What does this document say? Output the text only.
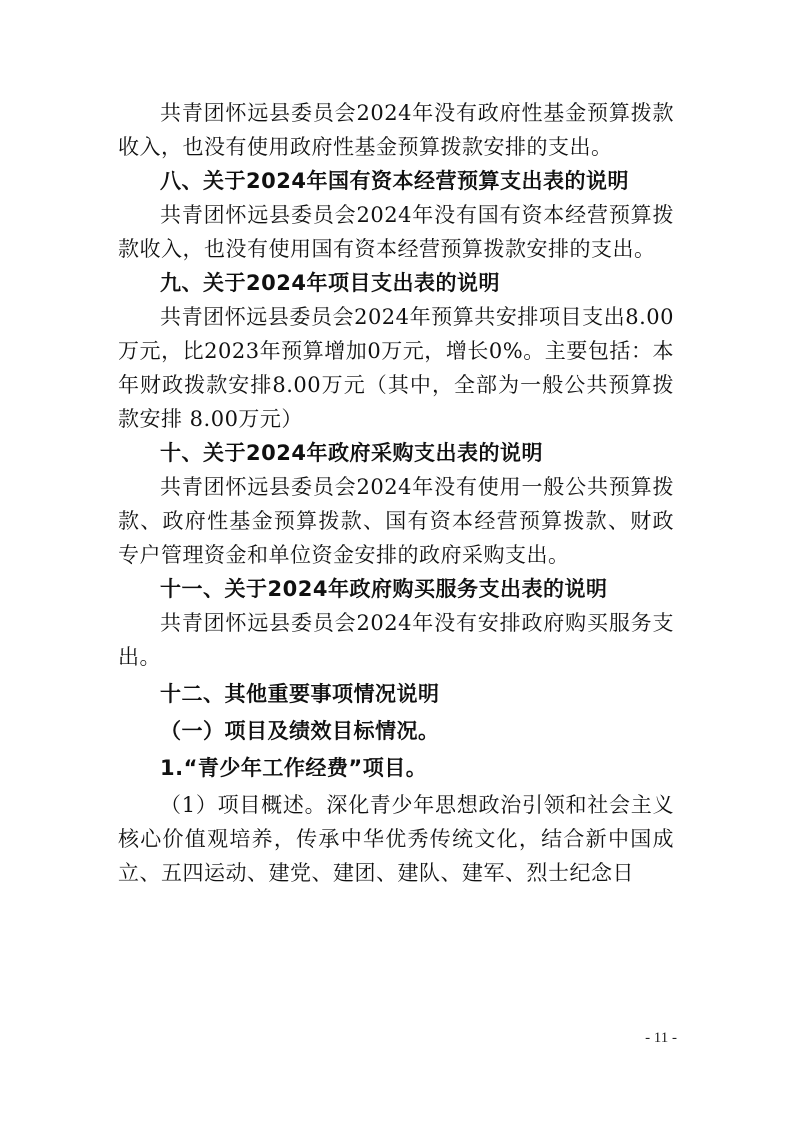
共青团怀远县委员会2024年没有政府性基金预算拨款收入，也没有使用政府性基金预算拨款安排的支出。

八、关于2024年国有资本经营预算支出表的说明

共青团怀远县委员会2024年没有国有资本经营预算拨款收入，也没有使用国有资本经营预算拨款安排的支出。

九、关于2024年项目支出表的说明

共青团怀远县委员会2024年预算共安排项目支出8.00万元，比2023年预算增加0万元，增长0%。主要包括：本年财政拨款安排8.00万元（其中，全部为一般公共预算拨款安排 8.00万元）

十、关于2024年政府采购支出表的说明

共青团怀远县委员会2024年没有使用一般公共预算拨款、政府性基金预算拨款、国有资本经营预算拨款、财政专户管理资金和单位资金安排的政府采购支出。

十一、关于2024年政府购买服务支出表的说明

共青团怀远县委员会2024年没有安排政府购买服务支出。

十二、其他重要事项情况说明
（一）项目及绩效目标情况。
1.“青少年工作经费”项目。

（1）项目概述。深化青少年思想政治引领和社会主义核心价值观培养，传承中华优秀传统文化，结合新中国成立、五四运动、建党、建团、建队、建军、烈士纪念日

- 11 -
